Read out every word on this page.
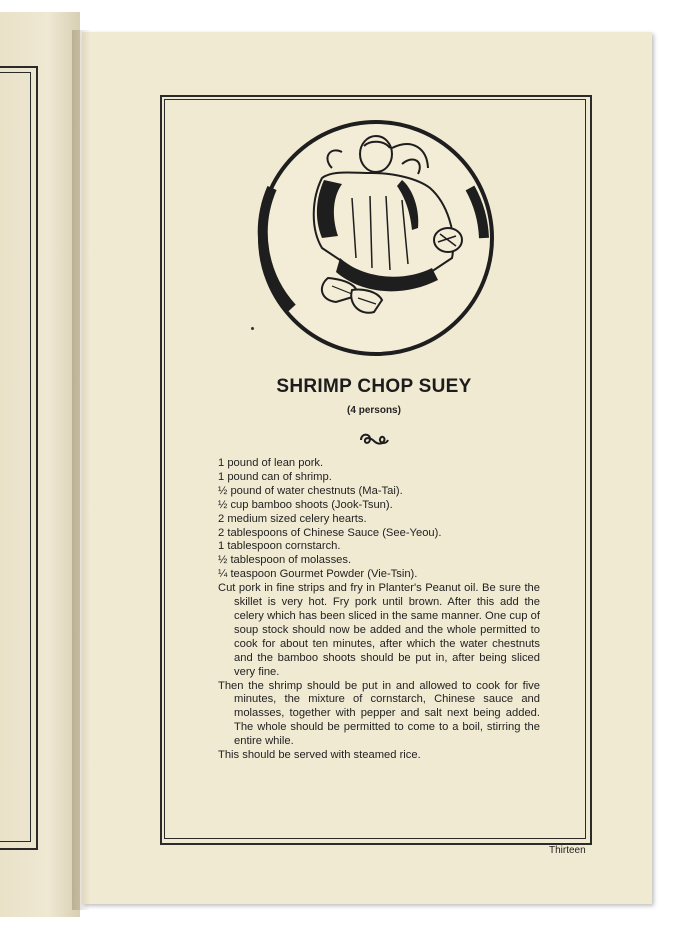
SHRIMP CHOP SUEY
(4 persons)

1 pound of lean pork.

1 pound can of shrimp.

½ pound of water chestnuts (Ma-Tai).

½ cup bamboo shoots (Jook-Tsun).

2 medium sized celery hearts.

2 tablespoons of Chinese Sauce (See-Yeou).

1 tablespoon cornstarch.

½ tablespoon of molasses.

¼ teaspoon Gourmet Powder (Vie-Tsin).

Cut pork in fine strips and fry in Planter's Peanut oil. Be sure the skillet is very hot. Fry pork until brown. After this add the celery which has been sliced in the same manner. One cup of soup stock should now be added and the whole permitted to cook for about ten minutes, after which the water chestnuts and the bamboo shoots should be put in, after being sliced very fine.

Then the shrimp should be put in and allowed to cook for five minutes, the mixture of cornstarch, Chinese sauce and molasses, together with pepper and salt next being added. The whole should be permitted to come to a boil, stirring the entire while.

This should be served with steamed rice.

Thirteen
